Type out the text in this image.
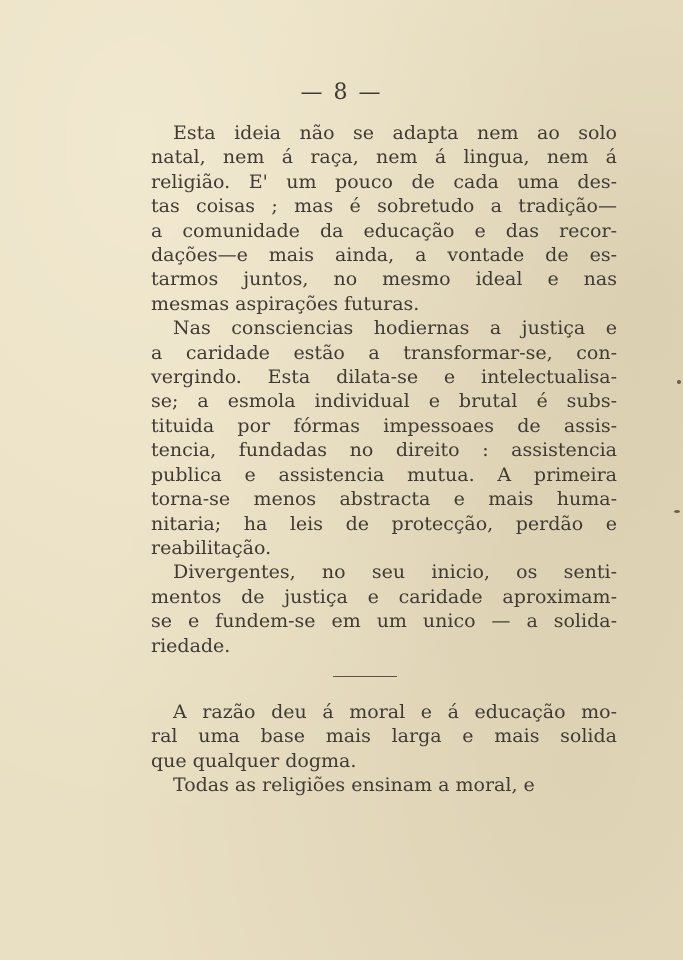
— 8 —

Esta ideia não se adapta nem ao solo
natal, nem á raça, nem á lingua, nem á
religião. E' um pouco de cada uma des-
tas coisas ; mas é sobretudo a tradição—
a comunidade da educação e das recor-
dações—e mais ainda, a vontade de es-
tarmos juntos, no mesmo ideal e nas
mesmas aspirações futuras.

Nas consciencias hodiernas a justiça e
a caridade estão a transformar-se, con-
vergindo. Esta dilata-se e intelectualisa-
se; a esmola individual e brutal é subs-
tituida por fórmas impessoaes de assis-
tencia, fundadas no direito : assistencia
publica e assistencia mutua. A primeira
torna-se menos abstracta e mais huma-
nitaria; ha leis de protecção, perdão e
reabilitação.

Divergentes, no seu inicio, os senti-
mentos de justiça e caridade aproximam-
se e fundem-se em um unico — a solida-
riedade.

A razão deu á moral e á educação mo-
ral uma base mais larga e mais solida
que qualquer dogma.

Todas as religiões ensinam a moral, e
